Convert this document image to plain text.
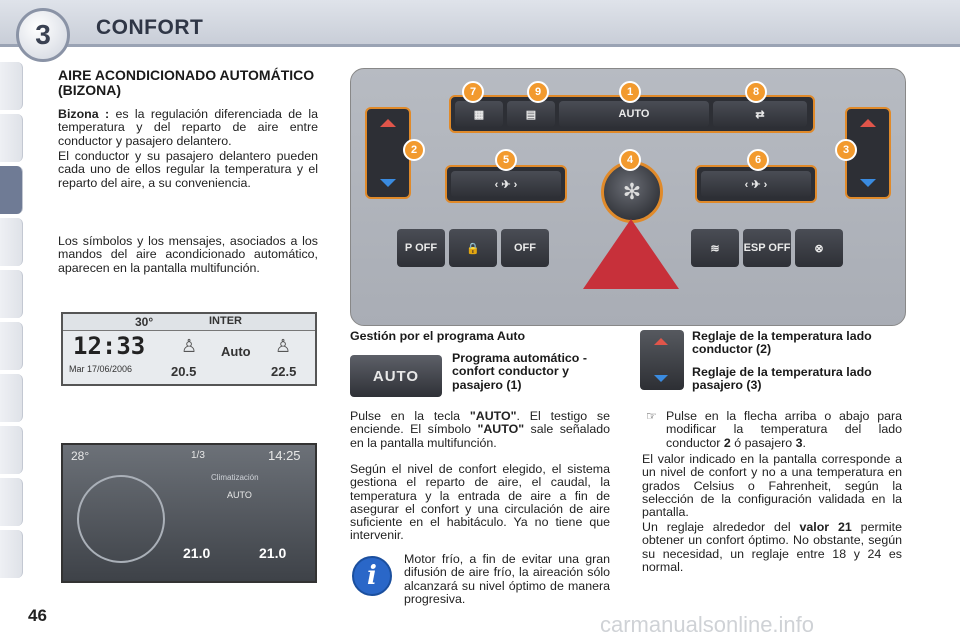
3	CONFORT
AIRE ACONDICIONADO AUTOMÁTICO (BIZONA)
Bizona : es la regulación diferenciada de la temperatura y del reparto de aire entre conductor y pasajero delantero.
El conductor y su pasajero delantero pueden cada uno de ellos regular la temperatura y el reparto del aire, a su conveniencia.
Los símbolos y los mensajes, asociados a los mandos del aire acondicionado automático, aparecen en la pantalla multifunción.
30°	INTER
12:33
Mar 17/06/2006
Auto
20.5	22.5
♙	♙
28°	1/3	14:25
Climatización
AUTO
21.0	21.0
▦	▤	AUTO	⇄
‹ ✈ ›	‹ ✈ ›
✻
P OFF	🔒	OFF	≋	ESP OFF	⊗
7	9	1	8
2	3
5	4	6
Gestión por el programa Auto
AUTO
Programa automático -confort conductor y pasajero (1)
Pulse en la tecla "AUTO". El testigo se enciende. El símbolo "AUTO" sale señalado en la pantalla multifunción.
Según el nivel de confort elegido, el sistema gestiona el reparto de aire, el caudal, la temperatura y la entrada de aire a fin de asegurar el confort y una circulación de aire suficiente en el habitáculo. Ya no tiene que intervenir.
i
Motor frío, a fin de evitar una gran difusión de aire frío, la aireación sólo alcanzará su nivel óptimo de manera progresiva.
Reglaje de la temperatura lado conductor (2)
Reglaje de la temperatura lado pasajero (3)
☞ Pulse en la flecha arriba o abajo para modificar la temperatura del lado conductor 2 ó pasajero 3.
El valor indicado en la pantalla corresponde a un nivel de confort y no a una temperatura en grados Celsius o Fahrenheit, según la selección de la configuración validada en la pantalla.
Un reglaje alrededor del valor 21 permite obtener un confort óptimo. No obstante, según su necesidad, un reglaje entre 18 y 24 es normal.
46	carmanualsonline.info
